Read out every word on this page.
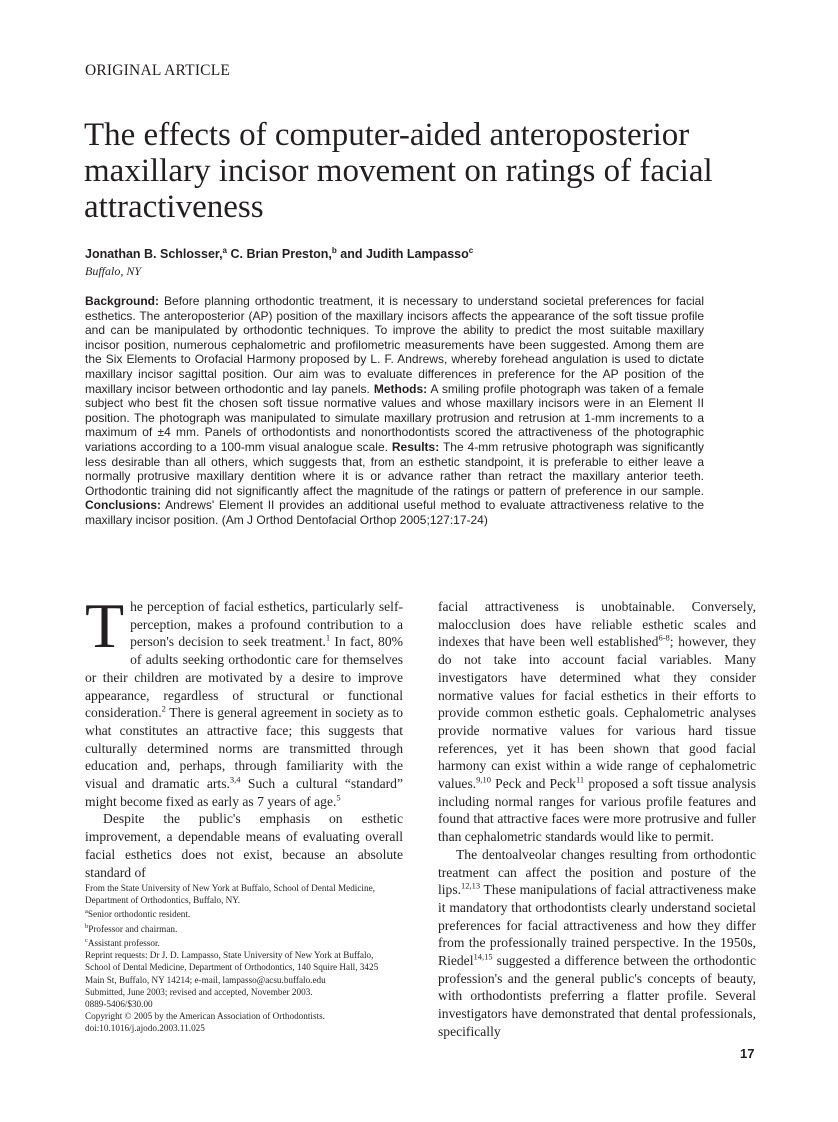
ORIGINAL ARTICLE
The effects of computer-aided anteroposterior maxillary incisor movement on ratings of facial attractiveness
Jonathan B. Schlosser,$^a$ C. Brian Preston,$^b$ and Judith Lampasso$^c$
Buffalo, NY

Background: Before planning orthodontic treatment, it is necessary to understand societal preferences for facial esthetics. The anteroposterior (AP) position of the maxillary incisors affects the appearance of the soft tissue profile and can be manipulated by orthodontic techniques. To improve the ability to predict the most suitable maxillary incisor position, numerous cephalometric and profilometric measurements have been suggested. Among them are the Six Elements to Orofacial Harmony proposed by L. F. Andrews, whereby forehead angulation is used to dictate maxillary incisor sagittal position. Our aim was to evaluate differences in preference for the AP position of the maxillary incisor between orthodontic and lay panels. Methods: A smiling profile photograph was taken of a female subject who best fit the chosen soft tissue normative values and whose maxillary incisors were in an Element II position. The photograph was manipulated to simulate maxillary protrusion and retrusion at 1-mm increments to a maximum of ±4 mm. Panels of orthodontists and nonorthodontists scored the attractiveness of the photographic variations according to a 100-mm visual analogue scale. Results: The 4-mm retrusive photograph was significantly less desirable than all others, which suggests that, from an esthetic standpoint, it is preferable to either leave a normally protrusive maxillary dentition where it is or advance rather than retract the maxillary anterior teeth. Orthodontic training did not significantly affect the magnitude of the ratings or pattern of preference in our sample. Conclusions: Andrews' Element II provides an additional useful method to evaluate attractiveness relative to the maxillary incisor position. (Am J Orthod Dentofacial Orthop 2005;127:17-24)

The perception of facial esthetics, particularly self-perception, makes a profound contribution to a person's decision to seek treatment.$^1$ In fact, 80% of adults seeking orthodontic care for themselves or their children are motivated by a desire to improve appearance, regardless of structural or functional consideration.$^2$ There is general agreement in society as to what constitutes an attractive face; this suggests that culturally determined norms are transmitted through education and, perhaps, through familiarity with the visual and dramatic arts.$^{3,4}$ Such a cultural “standard” might become fixed as early as 7 years of age.$^5$

Despite the public's emphasis on esthetic improvement, a dependable means of evaluating overall facial esthetics does not exist, because an absolute standard of

facial attractiveness is unobtainable. Conversely, malocclusion does have reliable esthetic scales and indexes that have been well established$^{6-8}$; however, they do not take into account facial variables. Many investigators have determined what they consider normative values for facial esthetics in their efforts to provide common esthetic goals. Cephalometric analyses provide normative values for various hard tissue references, yet it has been shown that good facial harmony can exist within a wide range of cephalometric values.$^{9,10}$ Peck and Peck$^{11}$ proposed a soft tissue analysis including normal ranges for various profile features and found that attractive faces were more protrusive and fuller than cephalometric standards would like to permit.

The dentoalveolar changes resulting from orthodontic treatment can affect the position and posture of the lips.$^{12,13}$ These manipulations of facial attractiveness make it mandatory that orthodontists clearly understand societal preferences for facial attractiveness and how they differ from the professionally trained perspective. In the 1950s, Riedel$^{14,15}$ suggested a difference between the orthodontic profession's and the general public's concepts of beauty, with orthodontists preferring a flatter profile. Several investigators have demonstrated that dental professionals, specifically

From the State University of New York at Buffalo, School of Dental Medicine,
Department of Orthodontics, Buffalo, NY.
$^a$Senior orthodontic resident.
$^b$Professor and chairman.
$^c$Assistant professor.
Reprint requests: Dr J. D. Lampasso, State University of New York at Buffalo,
School of Dental Medicine, Department of Orthodontics, 140 Squire Hall, 3425
Main St, Buffalo, NY 14214; e-mail, lampasso@acsu.buffalo.edu
Submitted, June 2003; revised and accepted, November 2003.
0889-5406/$30.00
Copyright © 2005 by the American Association of Orthodontists.
doi:10.1016/j.ajodo.2003.11.025
17
